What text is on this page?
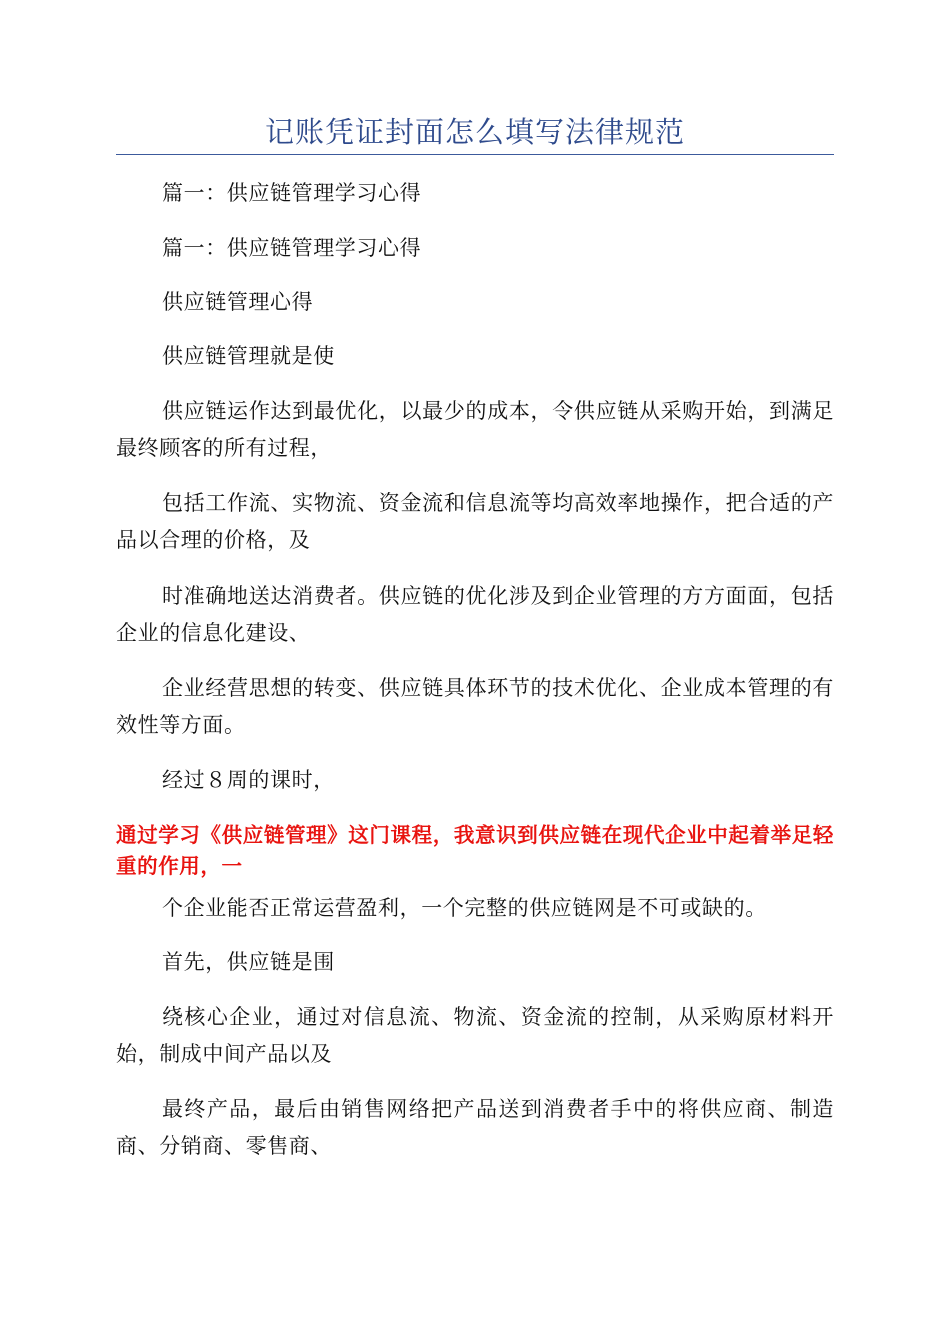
记账凭证封面怎么填写法律规范

篇一：供应链管理学习心得

篇一：供应链管理学习心得

供应链管理心得

供应链管理就是使

供应链运作达到最优化，以最少的成本，令供应链从采购开始，到满足最终顾客的所有过程，

包括工作流、实物流、资金流和信息流等均高效率地操作，把合适的产品以合理的价格，及

时准确地送达消费者。供应链的优化涉及到企业管理的方方面面，包括企业的信息化建设、

企业经营思想的转变、供应链具体环节的技术优化、企业成本管理的有效性等方面。

经过８周的课时，

通过学习《供应链管理》这门课程，我意识到供应链在现代企业中起着举足轻重的作用，一

个企业能否正常运营盈利，一个完整的供应链网是不可或缺的。

首先，供应链是围

绕核心企业，通过对信息流、物流、资金流的控制，从采购原材料开始，制成中间产品以及

最终产品，最后由销售网络把产品送到消费者手中的将供应商、制造商、分销商、零售商、
